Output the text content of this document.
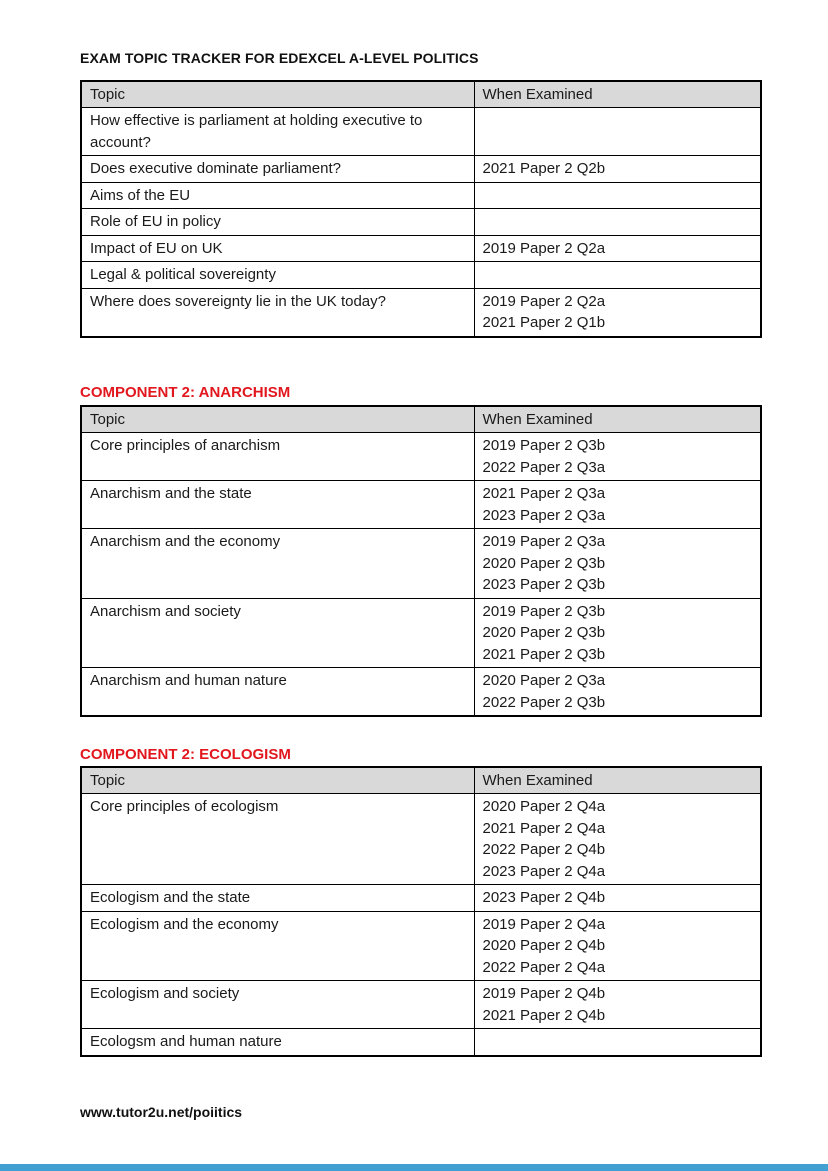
EXAM TOPIC TRACKER FOR EDEXCEL A-LEVEL POLITICS
Topic	When Examined
How effective is parliament at holding executive to account?	
Does executive dominate parliament?	2021 Paper 2 Q2b

Aims of the EU	
Role of EU in policy	
Impact of EU on UK	2019 Paper 2 Q2a

Legal & political sovereignty	
Where does sovereignty lie in the UK today?	2019 Paper 2 Q2a
2021 Paper 2 Q1b
COMPONENT 2: ANARCHISM
Topic	When Examined
Core principles of anarchism	2019 Paper 2 Q3b
2022 Paper 2 Q3a

Anarchism and the state	2021 Paper 2 Q3a
2023 Paper 2 Q3a

Anarchism and the economy	2019 Paper 2 Q3a
2020 Paper 2 Q3b
2023 Paper 2 Q3b

Anarchism and society	2019 Paper 2 Q3b
2020 Paper 2 Q3b
2021 Paper 2 Q3b

Anarchism and human nature	2020 Paper 2 Q3a
2022 Paper 2 Q3b
COMPONENT 2: ECOLOGISM
Topic	When Examined
Core principles of ecologism	2020 Paper 2 Q4a
2021 Paper 2 Q4a
2022 Paper 2 Q4b
2023 Paper 2 Q4a

Ecologism and the state	2023 Paper 2 Q4b

Ecologism and the economy	2019 Paper 2 Q4a
2020 Paper 2 Q4b
2022 Paper 2 Q4a

Ecologism and society	2019 Paper 2 Q4b
2021 Paper 2 Q4b

Ecologsm and human nature	
www.tutor2u.net/poiitics
